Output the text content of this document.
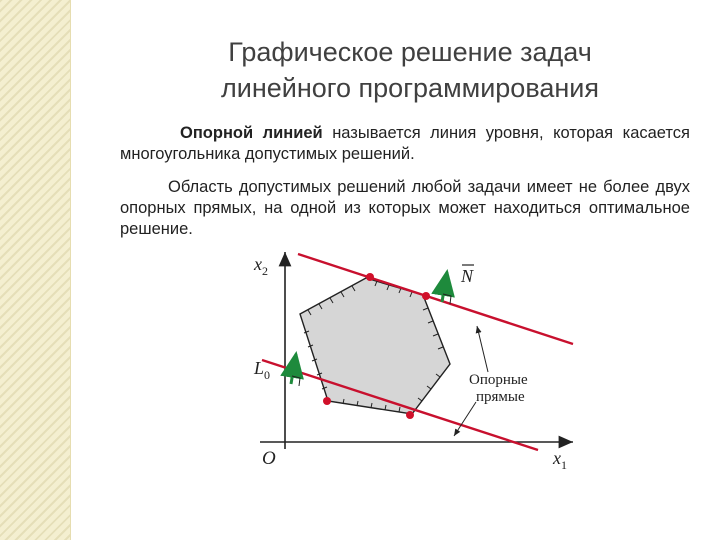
Графическое решение задач
линейного программирования
Опорной линией называется линия уровня, которая касается многоугольника допустимых решений.
Область допустимых решений любой задачи имеет не более двух опорных прямых, на одной из которых может находиться оптимальное решение.
$x_2$
$x_1$
O
$L_0$
N
Опорные
прямые
